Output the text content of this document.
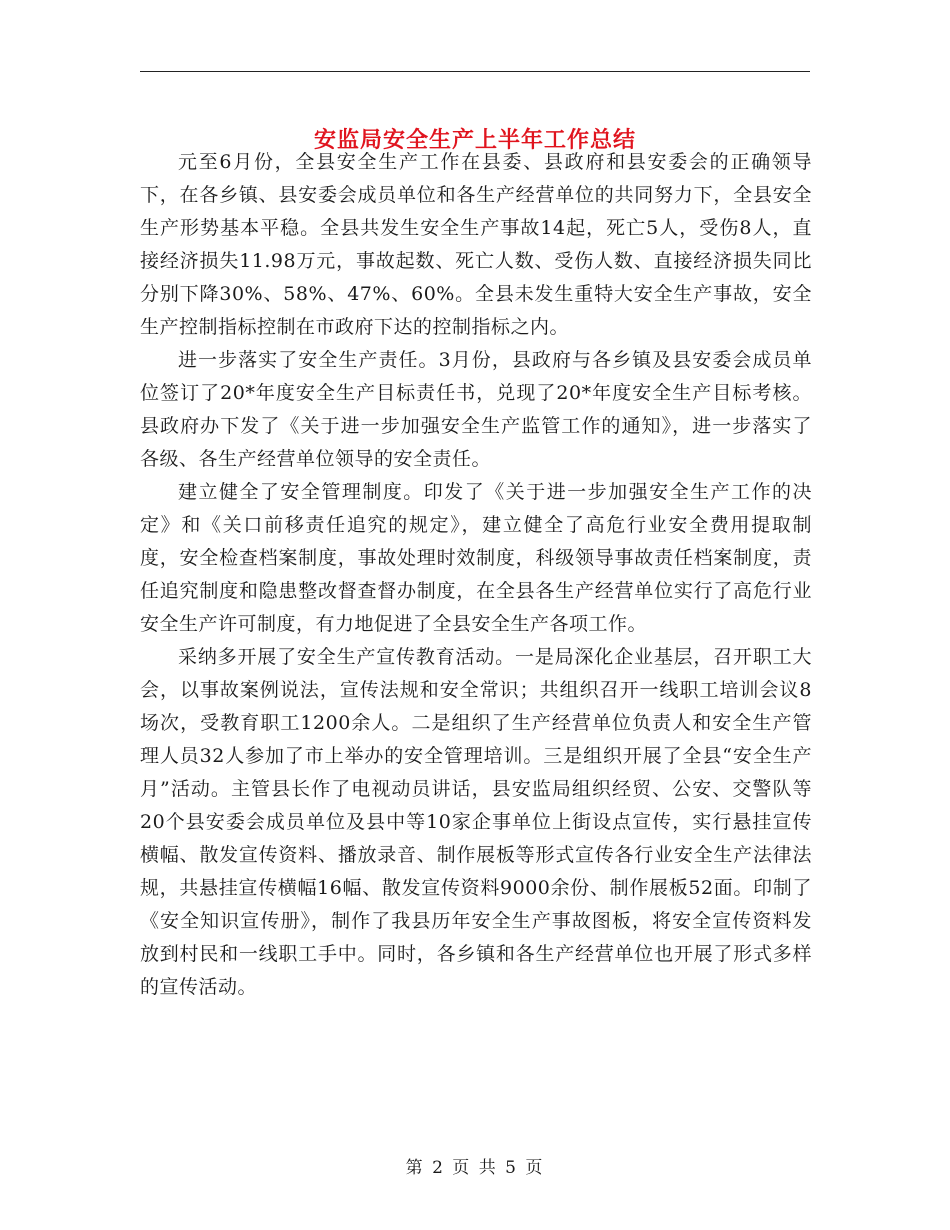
安监局安全生产上半年工作总结

元至6月份，全县安全生产工作在县委、县政府和县安委会的正确领导下，在各乡镇、县安委会成员单位和各生产经营单位的共同努力下，全县安全生产形势基本平稳。全县共发生安全生产事故14起，死亡5人，受伤8人，直接经济损失11.98万元，事故起数、死亡人数、受伤人数、直接经济损失同比分别下降30%、58%、47%、60%。全县未发生重特大安全生产事故，安全生产控制指标控制在市政府下达的控制指标之内。

进一步落实了安全生产责任。3月份，县政府与各乡镇及县安委会成员单位签订了20*年度安全生产目标责任书，兑现了20*年度安全生产目标考核。县政府办下发了《关于进一步加强安全生产监管工作的通知》，进一步落实了各级、各生产经营单位领导的安全责任。

建立健全了安全管理制度。印发了《关于进一步加强安全生产工作的决定》和《关口前移责任追究的规定》，建立健全了高危行业安全费用提取制度，安全检查档案制度，事故处理时效制度，科级领导事故责任档案制度，责任追究制度和隐患整改督查督办制度，在全县各生产经营单位实行了高危行业安全生产许可制度，有力地促进了全县安全生产各项工作。

采纳多开展了安全生产宣传教育活动。一是局深化企业基层，召开职工大会，以事故案例说法，宣传法规和安全常识；共组织召开一线职工培训会议8场次，受教育职工1200余人。二是组织了生产经营单位负责人和安全生产管理人员32人参加了市上举办的安全管理培训。三是组织开展了全县“安全生产月”活动。主管县长作了电视动员讲话，县安监局组织经贸、公安、交警队等20个县安委会成员单位及县中等10家企事单位上街设点宣传，实行悬挂宣传横幅、散发宣传资料、播放录音、制作展板等形式宣传各行业安全生产法律法规，共悬挂宣传横幅16幅、散发宣传资料9000余份、制作展板52面。印制了《安全知识宣传册》，制作了我县历年安全生产事故图板，将安全宣传资料发放到村民和一线职工手中。同时，各乡镇和各生产经营单位也开展了形式多样的宣传活动。

第 2 页 共 5 页
